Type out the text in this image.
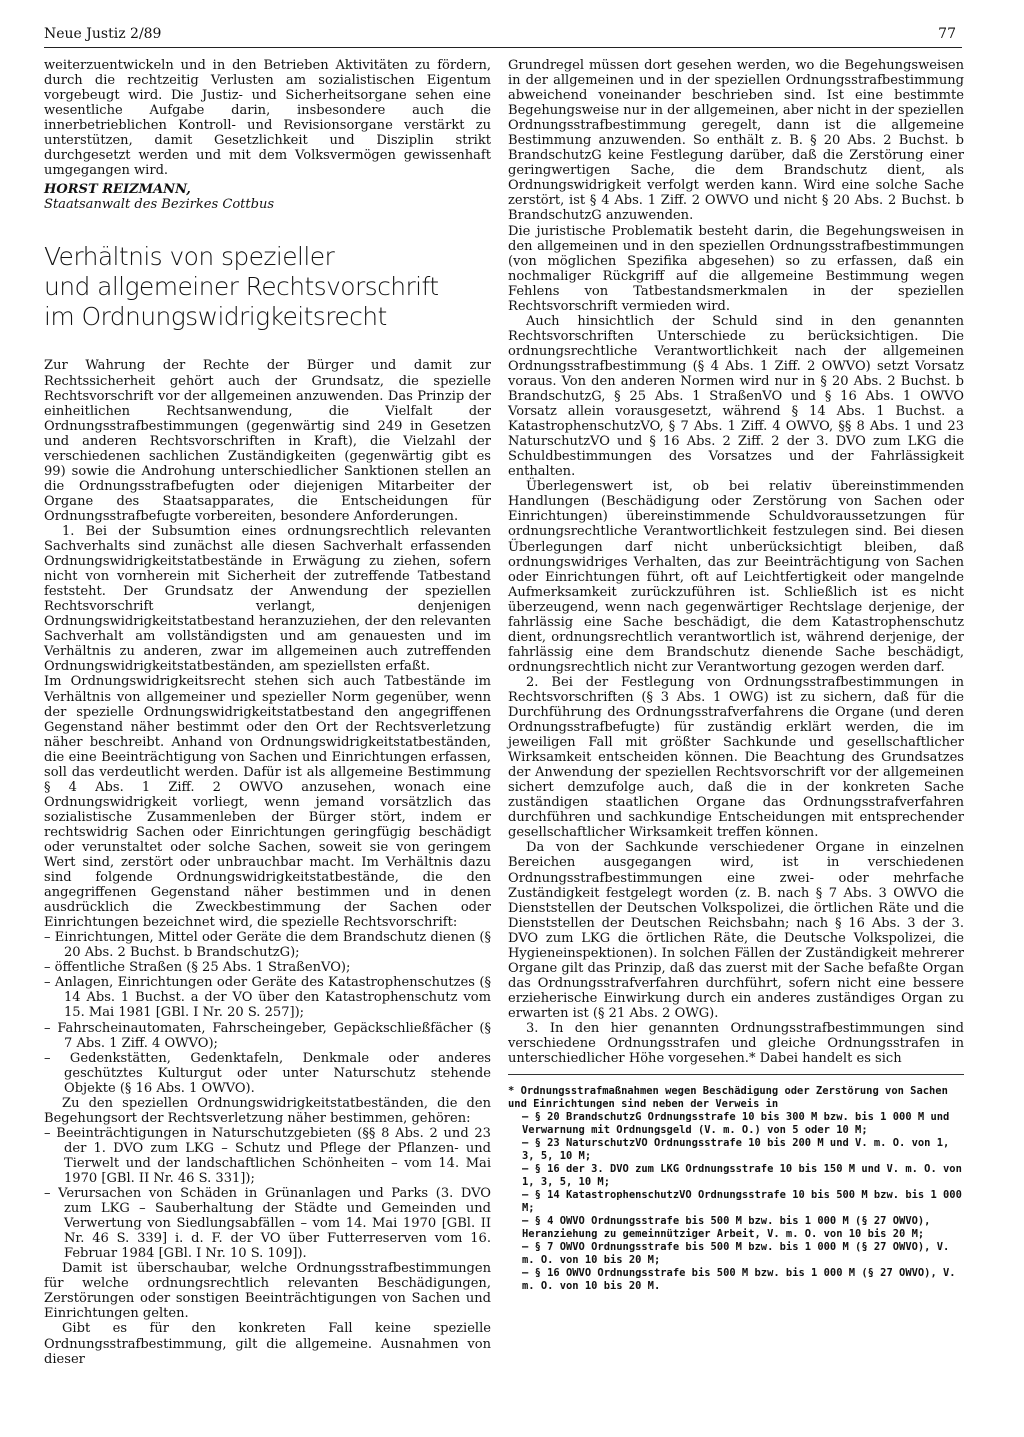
Neue Justiz 2/89	77

weiterzuentwickeln und in den Betrieben Aktivitäten zu fördern, durch die rechtzeitig Verlusten am sozialistischen Eigentum vorgebeugt wird. Die Justiz- und Sicherheitsorgane sehen eine wesentliche Aufgabe darin, insbesondere auch die innerbetrieblichen Kontroll- und Revisionsorgane verstärkt zu unterstützen, damit Gesetzlichkeit und Disziplin strikt durchgesetzt werden und mit dem Volksvermögen gewissenhaft umgegangen wird.

HORST REIZMANN,
Staatsanwalt des Bezirkes Cottbus
Verhältnis von spezieller
und allgemeiner Rechtsvorschrift
im Ordnungswidrigkeitsrecht

Zur Wahrung der Rechte der Bürger und damit zur Rechtssicherheit gehört auch der Grundsatz, die spezielle Rechtsvorschrift vor der allgemeinen anzuwenden. Das Prinzip der einheitlichen Rechtsanwendung, die Vielfalt der Ordnungsstrafbestimmungen (gegenwärtig sind 249 in Gesetzen und anderen Rechtsvorschriften in Kraft), die Vielzahl der verschiedenen sachlichen Zuständigkeiten (gegenwärtig gibt es 99) sowie die Androhung unterschiedlicher Sanktionen stellen an die Ordnungsstrafbefugten oder diejenigen Mitarbeiter der Organe des Staatsapparates, die Entscheidungen für Ordnungsstrafbefugte vorbereiten, besondere Anforderungen.

1. Bei der Subsumtion eines ordnungsrechtlich relevanten Sachverhalts sind zunächst alle diesen Sachverhalt erfassenden Ordnungswidrigkeitstatbestände in Erwägung zu ziehen, sofern nicht von vornherein mit Sicherheit der zutreffende Tatbestand feststeht. Der Grundsatz der Anwendung der speziellen Rechtsvorschrift verlangt, denjenigen Ordnungswidrigkeitstatbestand heranzuziehen, der den relevanten Sachverhalt am vollständigsten und am genauesten und im Verhältnis zu anderen, zwar im allgemeinen auch zutreffenden Ordnungswidrigkeitstatbeständen, am speziellsten erfaßt.

Im Ordnungswidrigkeitsrecht stehen sich auch Tatbestände im Verhältnis von allgemeiner und spezieller Norm gegenüber, wenn der spezielle Ordnungswidrigkeitstatbestand den angegriffenen Gegenstand näher bestimmt oder den Ort der Rechtsverletzung näher beschreibt. Anhand von Ordnungswidrigkeitstatbeständen, die eine Beeinträchtigung von Sachen und Einrichtungen erfassen, soll das verdeutlicht werden. Dafür ist als allgemeine Bestimmung § 4 Abs. 1 Ziff. 2 OWVO anzusehen, wonach eine Ordnungswidrigkeit vorliegt, wenn jemand vorsätzlich das sozialistische Zusammenleben der Bürger stört, indem er rechtswidrig Sachen oder Einrichtungen geringfügig beschädigt oder verunstaltet oder solche Sachen, soweit sie von geringem Wert sind, zerstört oder unbrauchbar macht. Im Verhältnis dazu sind folgende Ordnungswidrigkeitstatbestände, die den angegriffenen Gegenstand näher bestimmen und in denen ausdrücklich die Zweckbestimmung der Sachen oder Einrichtungen bezeichnet wird, die spezielle Rechtsvorschrift:

– Einrichtungen, Mittel oder Geräte die dem Brandschutz dienen (§ 20 Abs. 2 Buchst. b BrandschutzG);

– öffentliche Straßen (§ 25 Abs. 1 StraßenVO);

– Anlagen, Einrichtungen oder Geräte des Katastrophenschutzes (§ 14 Abs. 1 Buchst. a der VO über den Katastrophenschutz vom 15. Mai 1981 [GBl. I Nr. 20 S. 257]);

– Fahrscheinautomaten, Fahrscheingeber, Gepäckschließfächer (§ 7 Abs. 1 Ziff. 4 OWVO);

– Gedenkstätten, Gedenktafeln, Denkmale oder anderes geschütztes Kulturgut oder unter Naturschutz stehende Objekte (§ 16 Abs. 1 OWVO).

Zu den speziellen Ordnungswidrigkeitstatbeständen, die den Begehungsort der Rechtsverletzung näher bestimmen, gehören:

– Beeinträchtigungen in Naturschutzgebieten (§§ 8 Abs. 2 und 23 der 1. DVO zum LKG – Schutz und Pflege der Pflanzen- und Tierwelt und der landschaftlichen Schönheiten – vom 14. Mai 1970 [GBl. II Nr. 46 S. 331]);

– Verursachen von Schäden in Grünanlagen und Parks (3. DVO zum LKG – Sauberhaltung der Städte und Gemeinden und Verwertung von Siedlungsabfällen – vom 14. Mai 1970 [GBl. II Nr. 46 S. 339] i. d. F. der VO über Futterreserven vom 16. Februar 1984 [GBl. I Nr. 10 S. 109]).

Damit ist überschaubar, welche Ordnungsstrafbestimmungen für welche ordnungsrechtlich relevanten Beschädigungen, Zerstörungen oder sonstigen Beeinträchtigungen von Sachen und Einrichtungen gelten.

Gibt es für den konkreten Fall keine spezielle Ordnungsstrafbestimmung, gilt die allgemeine. Ausnahmen von dieser

Grundregel müssen dort gesehen werden, wo die Begehungsweisen in der allgemeinen und in der speziellen Ordnungsstrafbestimmung abweichend voneinander beschrieben sind. Ist eine bestimmte Begehungsweise nur in der allgemeinen, aber nicht in der speziellen Ordnungsstrafbestimmung geregelt, dann ist die allgemeine Bestimmung anzuwenden. So enthält z. B. § 20 Abs. 2 Buchst. b BrandschutzG keine Festlegung darüber, daß die Zerstörung einer geringwertigen Sache, die dem Brandschutz dient, als Ordnungswidrigkeit verfolgt werden kann. Wird eine solche Sache zerstört, ist § 4 Abs. 1 Ziff. 2 OWVO und nicht § 20 Abs. 2 Buchst. b BrandschutzG anzuwenden.

Die juristische Problematik besteht darin, die Begehungsweisen in den allgemeinen und in den speziellen Ordnungsstrafbestimmungen (von möglichen Spezifika abgesehen) so zu erfassen, daß ein nochmaliger Rückgriff auf die allgemeine Bestimmung wegen Fehlens von Tatbestandsmerkmalen in der speziellen Rechtsvorschrift vermieden wird.

Auch hinsichtlich der Schuld sind in den genannten Rechtsvorschriften Unterschiede zu berücksichtigen. Die ordnungsrechtliche Verantwortlichkeit nach der allgemeinen Ordnungsstrafbestimmung (§ 4 Abs. 1 Ziff. 2 OWVO) setzt Vorsatz voraus. Von den anderen Normen wird nur in § 20 Abs. 2 Buchst. b BrandschutzG, § 25 Abs. 1 StraßenVO und § 16 Abs. 1 OWVO Vorsatz allein vorausgesetzt, während § 14 Abs. 1 Buchst. a KatastrophenschutzVO, § 7 Abs. 1 Ziff. 4 OWVO, §§ 8 Abs. 1 und 23 NaturschutzVO und § 16 Abs. 2 Ziff. 2 der 3. DVO zum LKG die Schuldbestimmungen des Vorsatzes und der Fahrlässigkeit enthalten.

Überlegenswert ist, ob bei relativ übereinstimmenden Handlungen (Beschädigung oder Zerstörung von Sachen oder Einrichtungen) übereinstimmende Schuldvoraussetzungen für ordnungsrechtliche Verantwortlichkeit festzulegen sind. Bei diesen Überlegungen darf nicht unberücksichtigt bleiben, daß ordnungswidriges Verhalten, das zur Beeinträchtigung von Sachen oder Einrichtungen führt, oft auf Leichtfertigkeit oder mangelnde Aufmerksamkeit zurückzuführen ist. Schließlich ist es nicht überzeugend, wenn nach gegenwärtiger Rechtslage derjenige, der fahrlässig eine Sache beschädigt, die dem Katastrophenschutz dient, ordnungsrechtlich verantwortlich ist, während derjenige, der fahrlässig eine dem Brandschutz dienende Sache beschädigt, ordnungsrechtlich nicht zur Verantwortung gezogen werden darf.

2. Bei der Festlegung von Ordnungsstrafbestimmungen in Rechtsvorschriften (§ 3 Abs. 1 OWG) ist zu sichern, daß für die Durchführung des Ordnungsstrafverfahrens die Organe (und deren Ordnungsstrafbefugte) für zuständig erklärt werden, die im jeweiligen Fall mit größter Sachkunde und gesellschaftlicher Wirksamkeit entscheiden können. Die Beachtung des Grundsatzes der Anwendung der speziellen Rechtsvorschrift vor der allgemeinen sichert demzufolge auch, daß die in der konkreten Sache zuständigen staatlichen Organe das Ordnungsstrafverfahren durchführen und sachkundige Entscheidungen mit entsprechender gesellschaftlicher Wirksamkeit treffen können.

Da von der Sachkunde verschiedener Organe in einzelnen Bereichen ausgegangen wird, ist in verschiedenen Ordnungsstrafbestimmungen eine zwei- oder mehrfache Zuständigkeit festgelegt worden (z. B. nach § 7 Abs. 3 OWVO die Dienststellen der Deutschen Volkspolizei, die örtlichen Räte und die Dienststellen der Deutschen Reichsbahn; nach § 16 Abs. 3 der 3. DVO zum LKG die örtlichen Räte, die Deutsche Volkspolizei, die Hygieneinspektionen). In solchen Fällen der Zuständigkeit mehrerer Organe gilt das Prinzip, daß das zuerst mit der Sache befaßte Organ das Ordnungsstrafverfahren durchführt, sofern nicht eine bessere erzieherische Einwirkung durch ein anderes zuständiges Organ zu erwarten ist (§ 21 Abs. 2 OWG).

3. In den hier genannten Ordnungsstrafbestimmungen sind verschiedene Ordnungsstrafen und gleiche Ordnungsstrafen in unterschiedlicher Höhe vorgesehen.* Dabei handelt es sich

* Ordnungsstrafmaßnahmen wegen Beschädigung oder Zerstörung von Sachen und Einrichtungen sind neben der Verweis in

– § 20 BrandschutzG Ordnungsstrafe 10 bis 300 M bzw. bis 1 000 M und Verwarnung mit Ordnungsgeld (V. m. O.) von 5 oder 10 M;

– § 23 NaturschutzVO Ordnungsstrafe 10 bis 200 M und V. m. O. von 1, 3, 5, 10 M;

– § 16 der 3. DVO zum LKG Ordnungsstrafe 10 bis 150 M und V. m. O. von 1, 3, 5, 10 M;

– § 14 KatastrophenschutzVO Ordnungsstrafe 10 bis 500 M bzw. bis 1 000 M;

– § 4 OWVO Ordnungsstrafe bis 500 M bzw. bis 1 000 M (§ 27 OWVO), Heranziehung zu gemeinnütziger Arbeit, V. m. O. von 10 bis 20 M;

– § 7 OWVO Ordnungsstrafe bis 500 M bzw. bis 1 000 M (§ 27 OWVO), V. m. O. von 10 bis 20 M;

– § 16 OWVO Ordnungsstrafe bis 500 M bzw. bis 1 000 M (§ 27 OWVO), V. m. O. von 10 bis 20 M.
